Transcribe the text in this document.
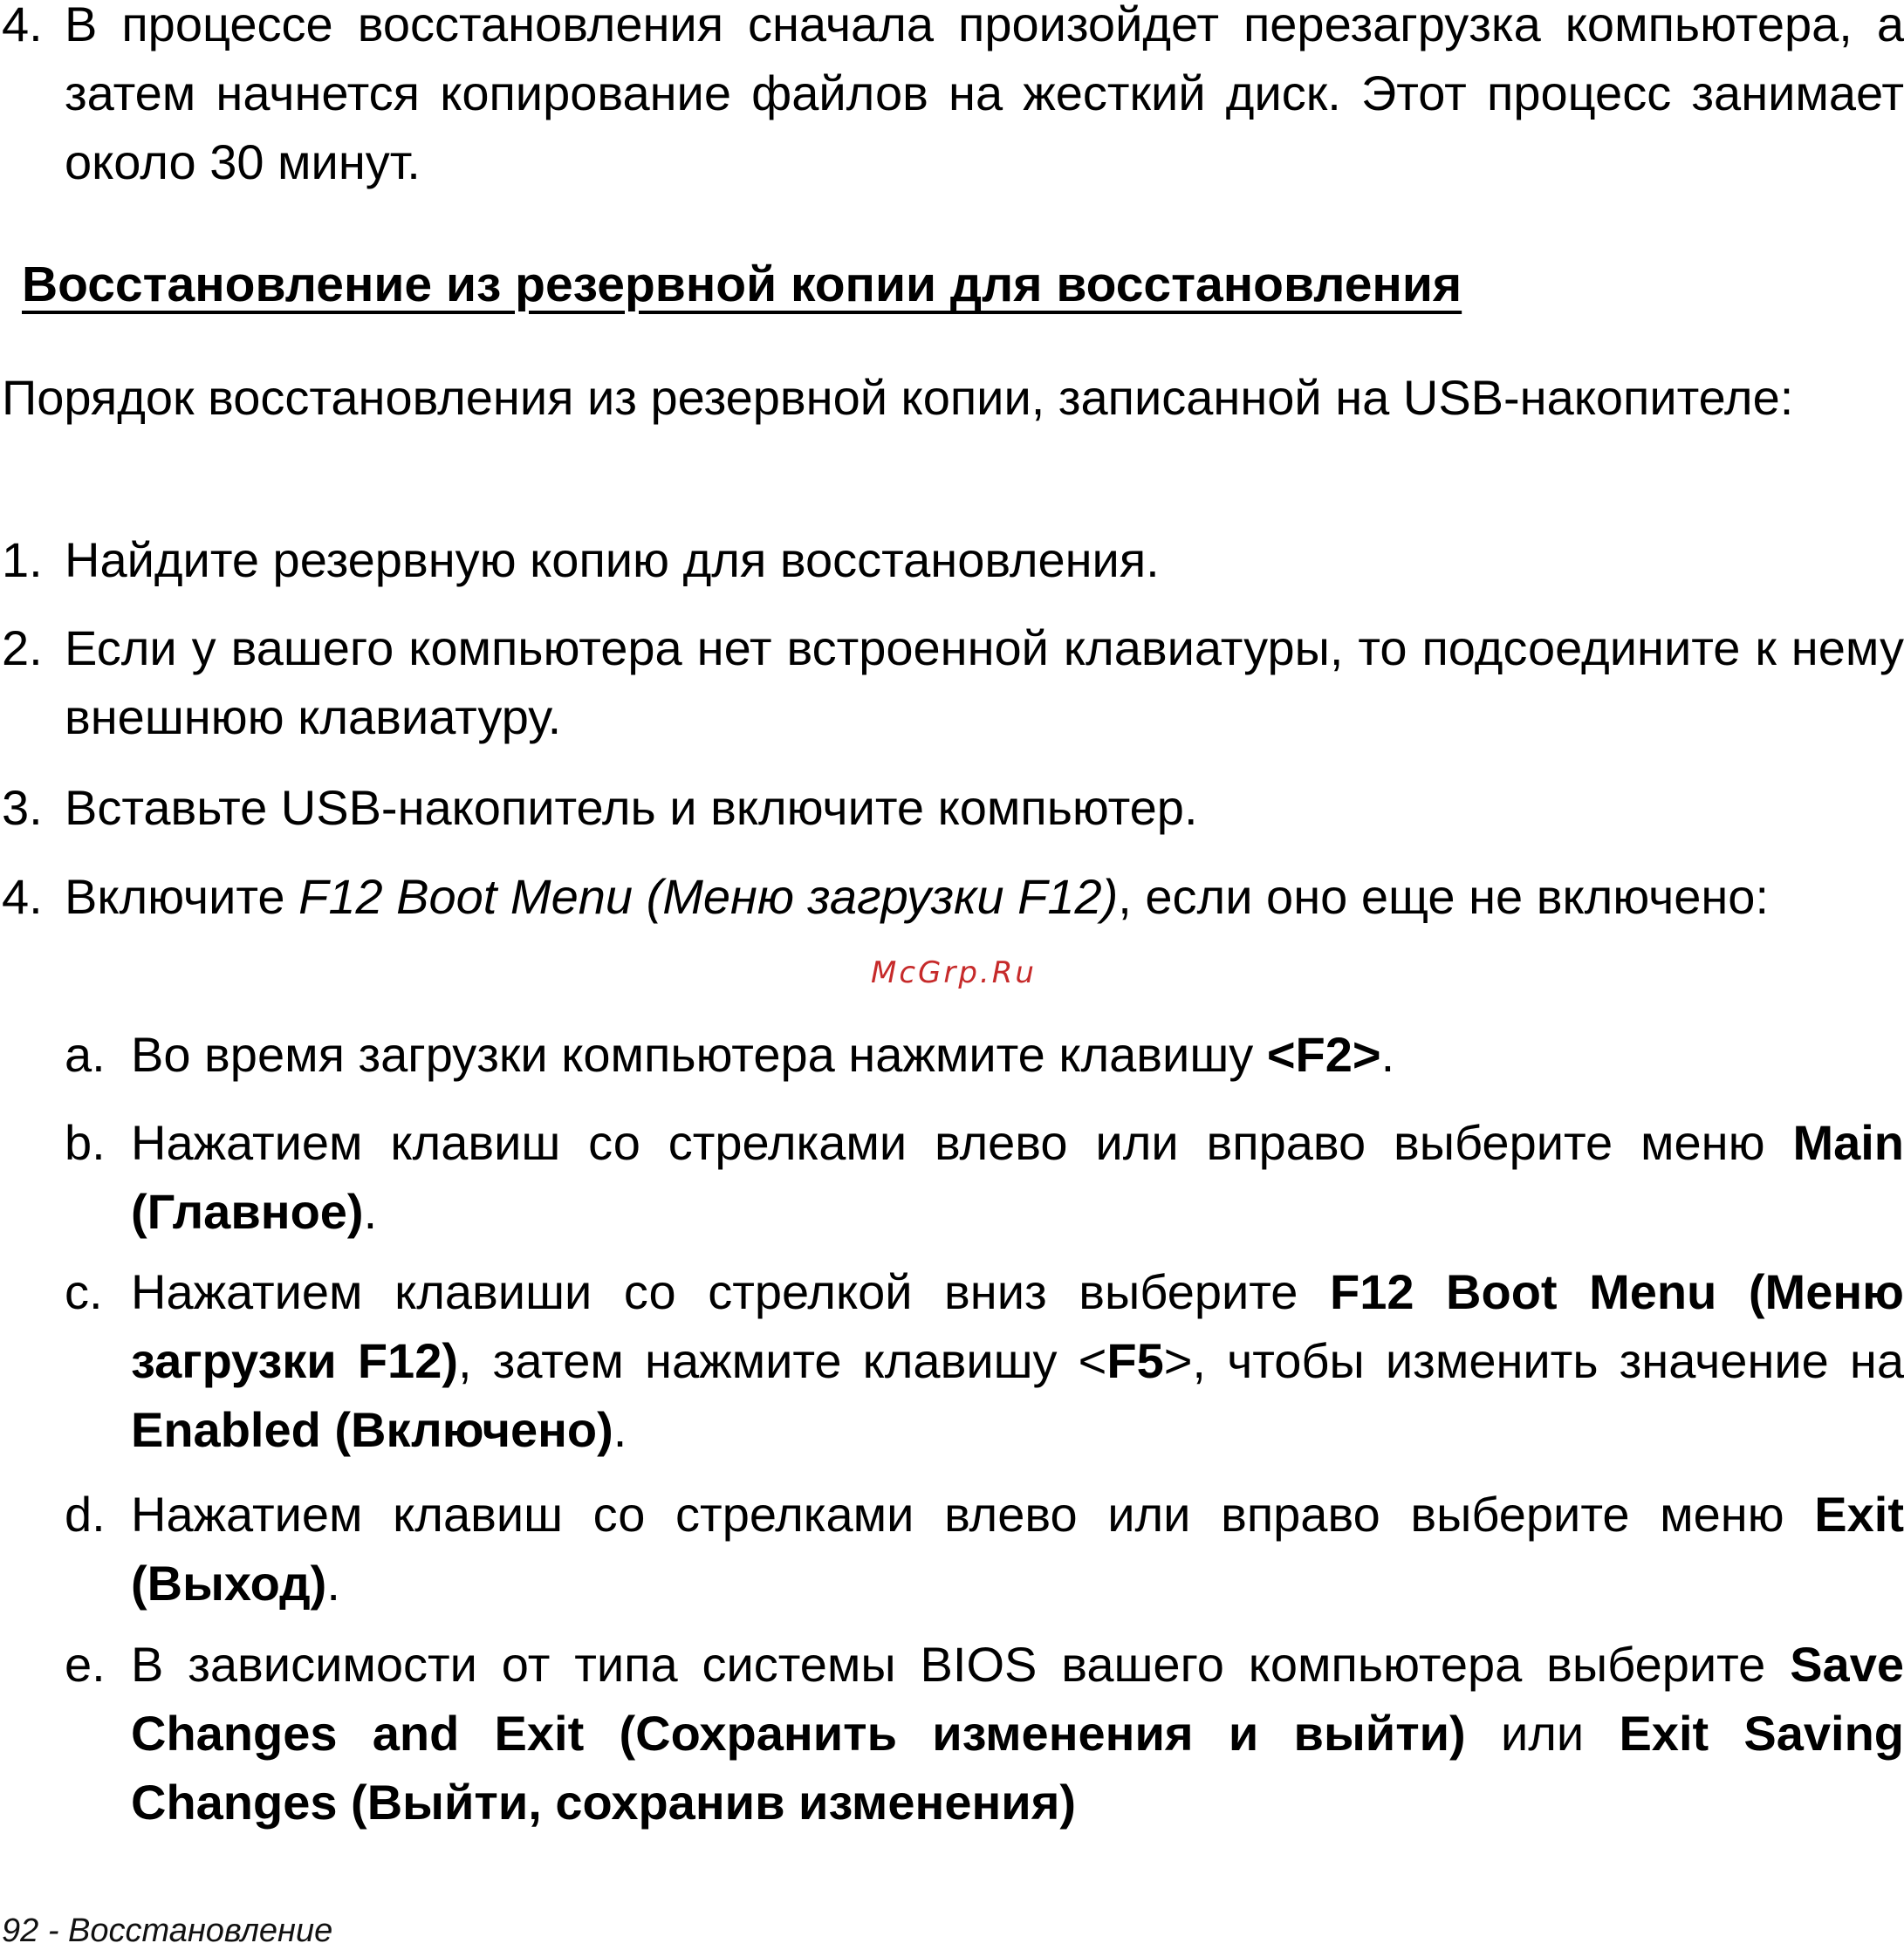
4. В процессе восстановления сначала произойдет перезагрузка компьютера, а затем начнется копирование файлов на жесткий диск. Этот процесс занимает около 30 минут.
Восстановление из резервной копии для восстановления
Порядок восстановления из резервной копии, записанной на USB-накопителе:
1. Найдите резервную копию для восстановления.
2. Если у вашего компьютера нет встроенной клавиатуры, то подсоедините к нему внешнюю клавиатуру.
3. Вставьте USB-накопитель и включите компьютер.
4. Включите F12 Boot Menu (Меню загрузки F12), если оно еще не включено:
McGrp.Ru
a. Во время загрузки компьютера нажмите клавишу <F2>.
b. Нажатием клавиш со стрелками влево или вправо выберите меню Main (Главное).
c. Нажатием клавиши со стрелкой вниз выберите F12 Boot Menu (Меню загрузки F12), затем нажмите клавишу <F5>, чтобы изменить значение на Enabled (Включено).
d. Нажатием клавиш со стрелками влево или вправо выберите меню Exit (Выход).
e. В зависимости от типа системы BIOS вашего компьютера выберите Save Changes and Exit (Сохранить изменения и выйти) или Exit Saving Changes (Выйти, сохранив изменения)
92 - Восстановление
